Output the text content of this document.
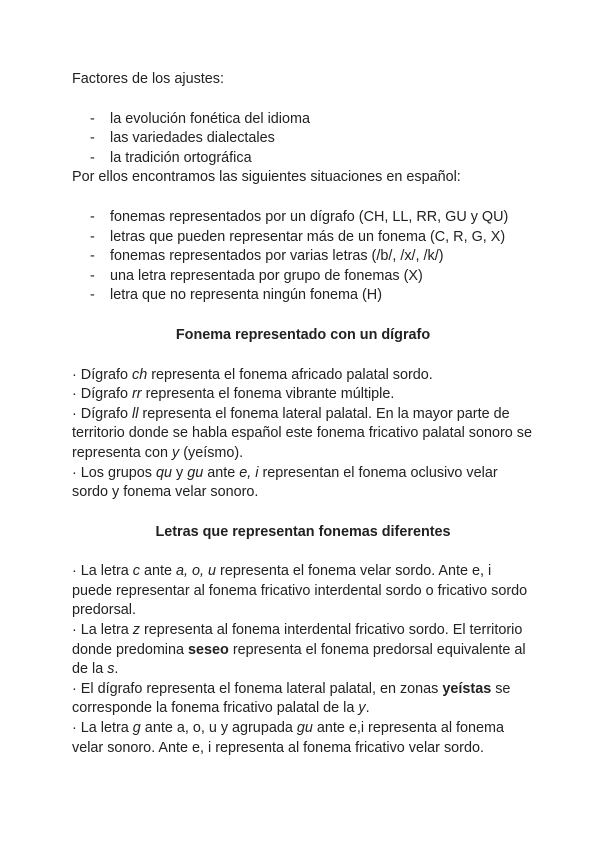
Factores de los ajustes:

- la evolución fonética del idioma
- las variedades dialectales
- la tradición ortográfica

Por ellos encontramos las siguientes situaciones en español:

- fonemas representados por un dígrafo (CH, LL, RR, GU y QU)
- letras que pueden representar más de un fonema (C, R, G, X)
- fonemas representados por varias letras (/b/, /x/, /k/)
- una letra representada por grupo de fonemas (X)
- letra que no representa ningún fonema (H)

Fonema representado con un dígrafo

· Dígrafo ch representa el fonema africado palatal sordo.

· Dígrafo rr representa el fonema vibrante múltiple.

· Dígrafo ll representa el fonema lateral palatal. En la mayor parte de territorio donde se habla español este fonema fricativo palatal sonoro se representa con y (yeísmo).

· Los grupos qu y gu ante e, i representan el fonema oclusivo velar sordo y fonema velar sonoro.

Letras que representan fonemas diferentes

· La letra c ante a, o, u representa el fonema velar sordo. Ante e, i puede representar al fonema fricativo interdental sordo o fricativo sordo predorsal.

· La letra z representa al fonema interdental fricativo sordo. El territorio donde predomina seseo representa el fonema predorsal equivalente al de la s.

· El dígrafo representa el fonema lateral palatal, en zonas yeístas se corresponde la fonema fricativo palatal de la y.

· La letra g ante a, o, u y agrupada gu ante e,i representa al fonema velar sonoro. Ante e, i representa al fonema fricativo velar sordo.
